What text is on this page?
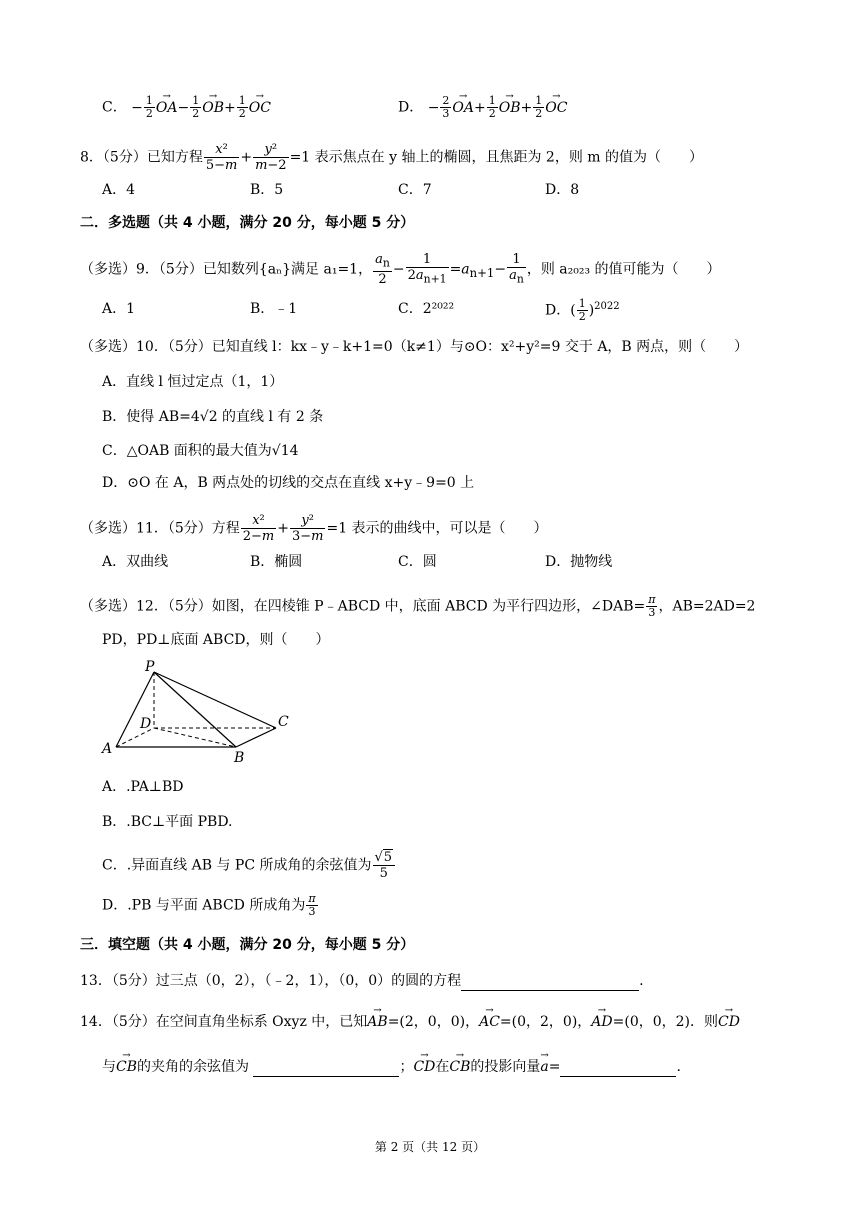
C． − $\frac{1}{2}$
→ $OA- \frac{1}{2}$
→ $OB+ \frac{1}{2}$
→ OC	D． − $\frac{2}{3}$
→ $OA+ \frac{1}{2}$
→ $OB+ \frac{1}{2}$
→ OC
8．（5分）已知方程 $\frac{\text{x²}}{5-m} + \frac{\text{y²}}{m-2} =1$ 表示焦点在 y 轴上的椭圆，且焦距为 2，则 m 的值为（　　）
A．4	B．5	C．7	D．8
二．多选题（共 4 小题，满分 20 分，每小题 5 分）
（多选）9．（5分）已知数列{aₙ}满足 a₁=1， $\frac{a_n}{2} - \frac{1}{2a_{n+1}} =a_{n+1}- \frac{1}{a_n}$ ，则 a₂₀₂₃ 的值可能为（　　）
A．1	B．﹣1	C．2²⁰²²	D．( $\frac{1}{2} )^{2022}$
（多选）10．（5分）已知直线 l：kx﹣y﹣k+1=0（k≠1）与⊙O：x²+y²=9 交于 A，B 两点，则（　　）
A．直线 l 恒过定点（1，1）
B．使得 AB=4√2 的直线 l 有 2 条
C．△OAB 面积的最大值为√14
D．⊙O 在 A，B 两点处的切线的交点在直线 x+y﹣9=0 上
（多选）11．（5分）方程 $\frac{\text{x²}}{2-m} + \frac{\text{y²}}{3-m} =1$ 表示的曲线中，可以是（　　）
A．双曲线	B．椭圆	C．圆	D．抛物线
（多选）12．（5分）如图，在四棱锥 P﹣ABCD 中，底面 ABCD 为平行四边形，∠DAB= $\frac{\pi}{3}$ ，AB=2AD=2
PD，PD⊥底面 ABCD，则（　　）
P
D	C
A
B
A．.PA⊥BD
B．.BC⊥平面 PBD.
C．.异面直线 AB 与 PC 所成角的余弦值为 $\frac{√5}{5}$
D．.PB 与平面 ABCD 所成角为 $\frac{\pi}{3}$
三．填空题（共 4 小题，满分 20 分，每小题 5 分）
13．（5分）过三点（0，2），（﹣2，1），（0，0）的圆的方程	.
14．（5分）在空间直角坐标系 Oxyz 中，已知→ AB=(2，0，0)，→ AC=(0，2，0)，→ AD=(0，0，2)．则→ CD
与→ CB的夹角的余弦值为	；→ CD在→ CB的投影向量→ a=	.
第 2 页（共 12 页）
